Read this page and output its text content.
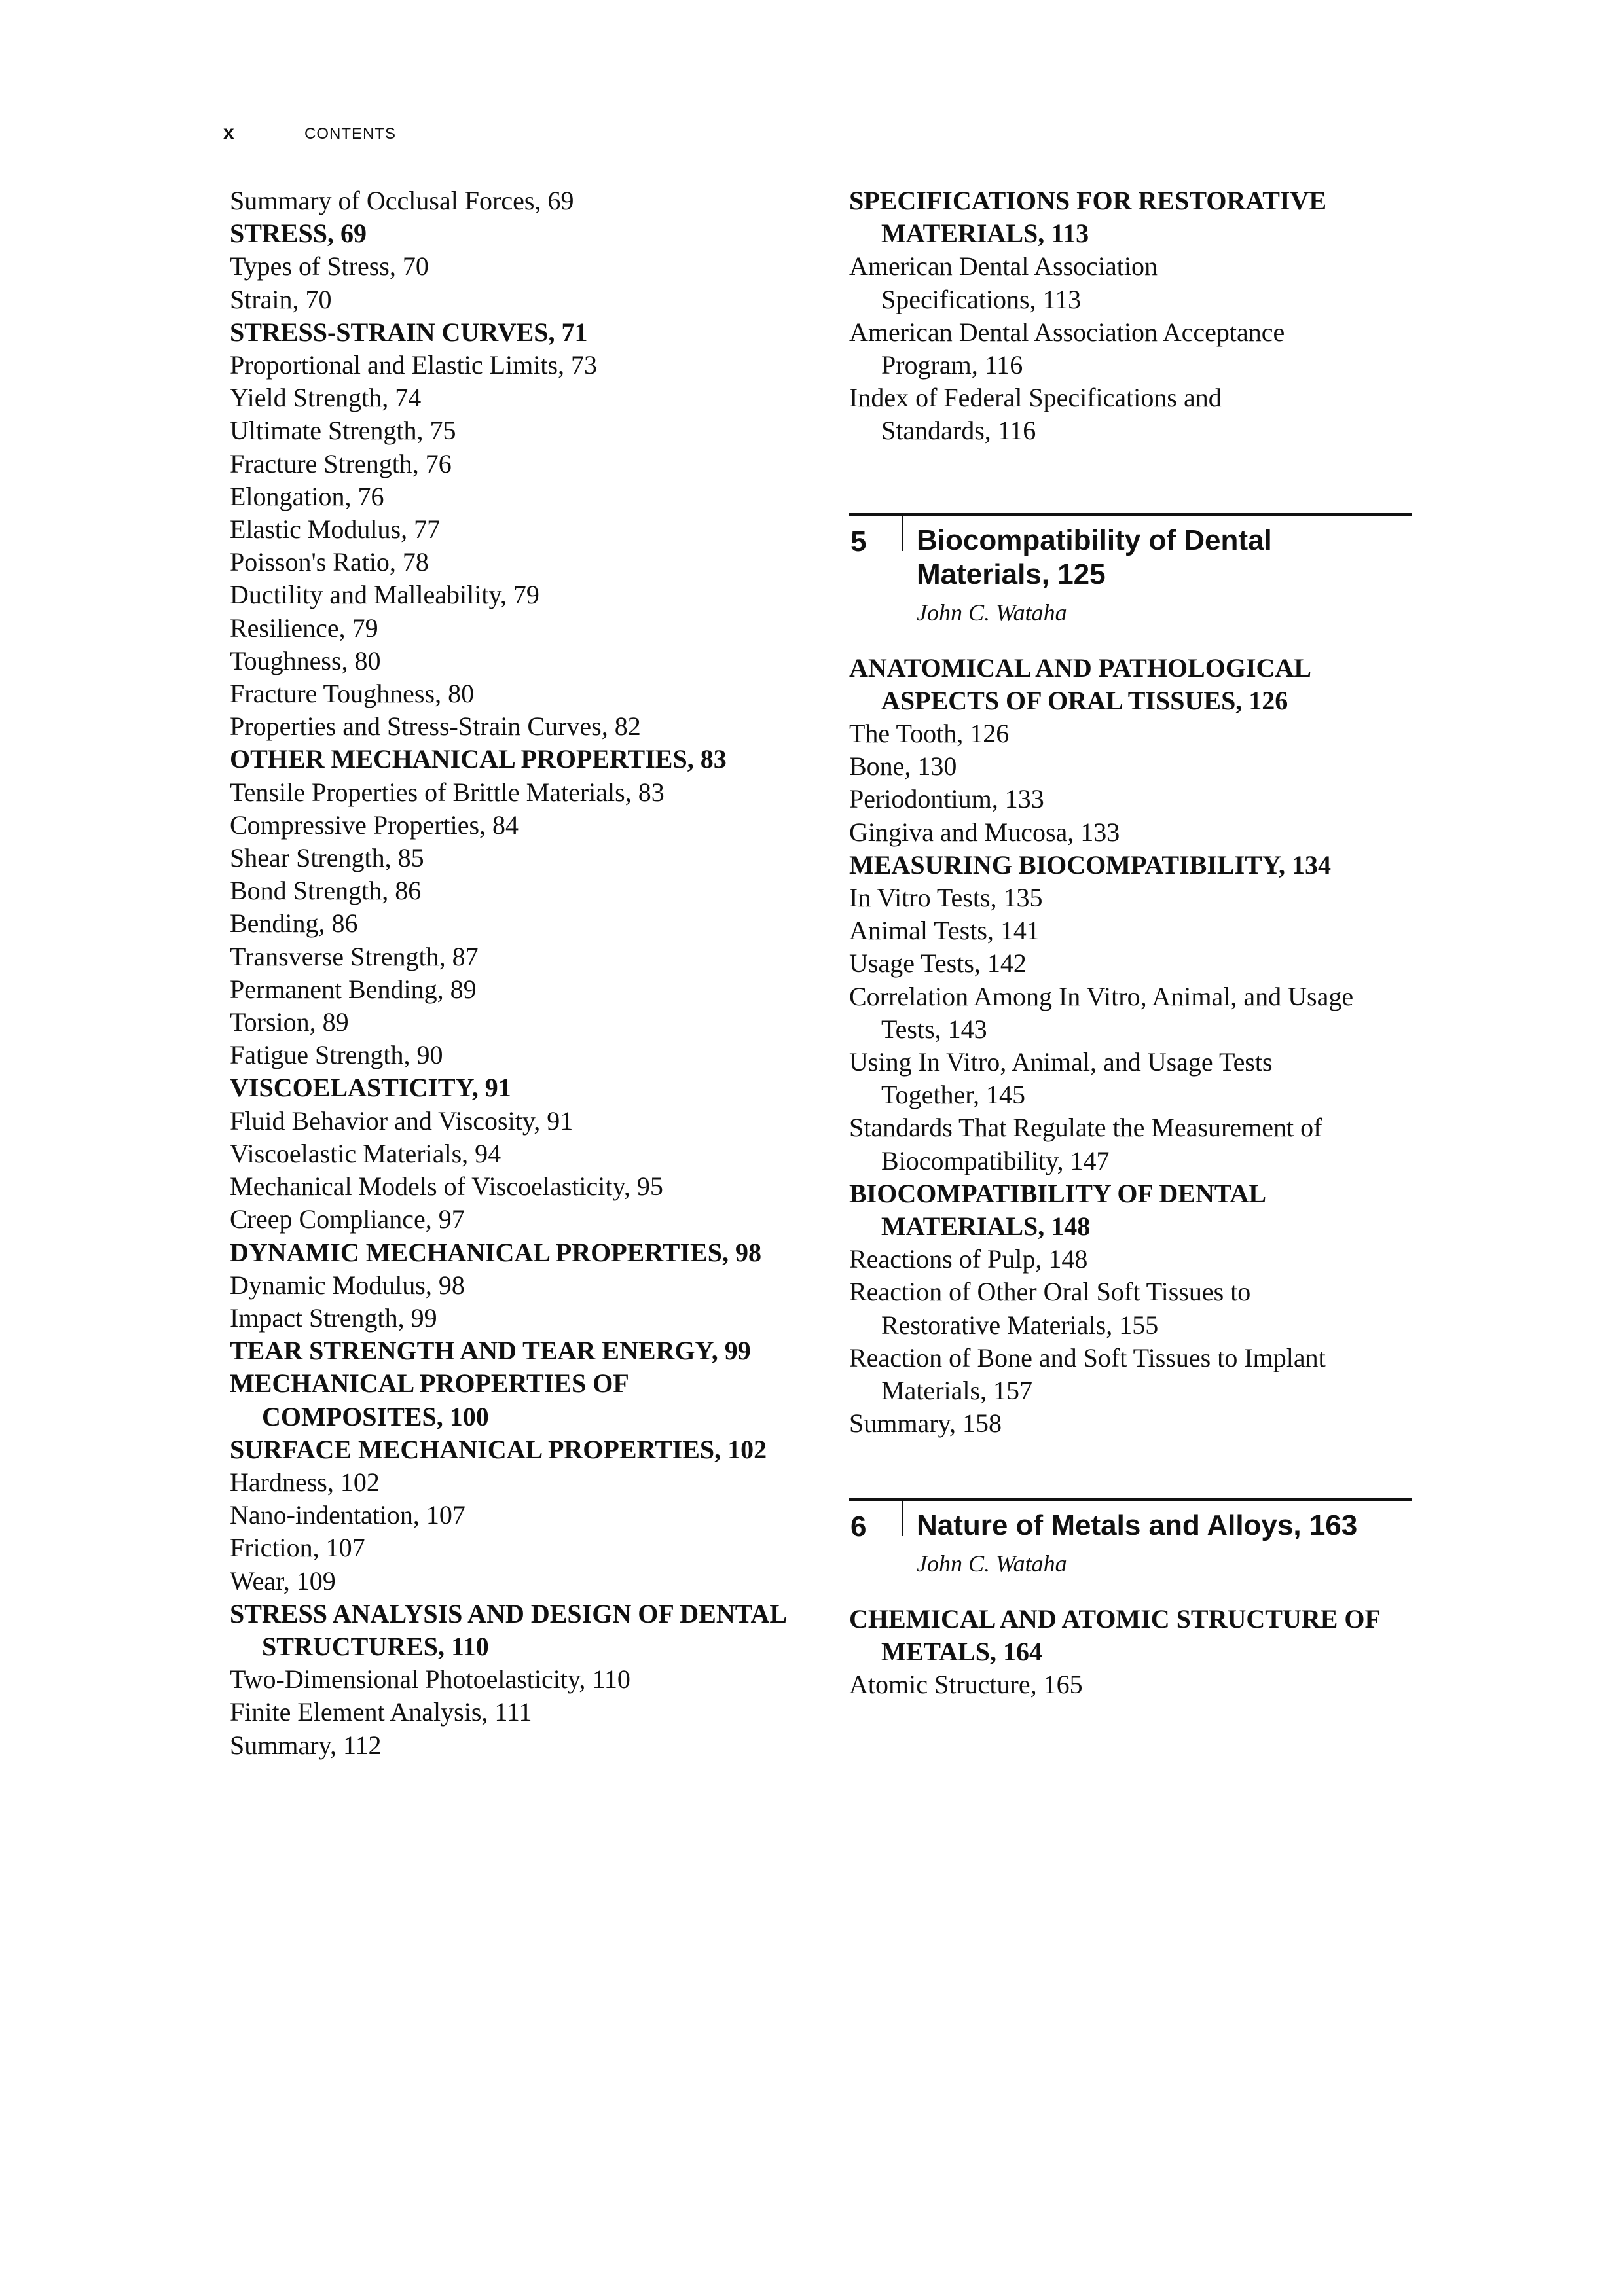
x	CONTENTS
Summary of Occlusal Forces, 69
STRESS, 69
Types of Stress, 70
Strain, 70
STRESS-STRAIN CURVES, 71
Proportional and Elastic Limits, 73
Yield Strength, 74
Ultimate Strength, 75
Fracture Strength, 76
Elongation, 76
Elastic Modulus, 77
Poisson's Ratio, 78
Ductility and Malleability, 79
Resilience, 79
Toughness, 80
Fracture Toughness, 80
Properties and Stress-Strain Curves, 82
OTHER MECHANICAL PROPERTIES, 83
Tensile Properties of Brittle Materials, 83
Compressive Properties, 84
Shear Strength, 85
Bond Strength, 86
Bending, 86
Transverse Strength, 87
Permanent Bending, 89
Torsion, 89
Fatigue Strength, 90
VISCOELASTICITY, 91
Fluid Behavior and Viscosity, 91
Viscoelastic Materials, 94
Mechanical Models of Viscoelasticity, 95
Creep Compliance, 97
DYNAMIC MECHANICAL PROPERTIES, 98
Dynamic Modulus, 98
Impact Strength, 99
TEAR STRENGTH AND TEAR ENERGY, 99
MECHANICAL PROPERTIES OF
COMPOSITES, 100
SURFACE MECHANICAL PROPERTIES, 102
Hardness, 102
Nano-indentation, 107
Friction, 107
Wear, 109
STRESS ANALYSIS AND DESIGN OF DENTAL
STRUCTURES, 110
Two-Dimensional Photoelasticity, 110
Finite Element Analysis, 111
Summary, 112
SPECIFICATIONS FOR RESTORATIVE
MATERIALS, 113
American Dental Association
Specifications, 113
American Dental Association Acceptance
Program, 116
Index of Federal Specifications and
Standards, 116
5 Biocompatibility of Dental
Materials, 125
John C. Wataha
ANATOMICAL AND PATHOLOGICAL
ASPECTS OF ORAL TISSUES, 126
The Tooth, 126
Bone, 130
Periodontium, 133
Gingiva and Mucosa, 133
MEASURING BIOCOMPATIBILITY, 134
In Vitro Tests, 135
Animal Tests, 141
Usage Tests, 142
Correlation Among In Vitro, Animal, and Usage
Tests, 143
Using In Vitro, Animal, and Usage Tests
Together, 145
Standards That Regulate the Measurement of
Biocompatibility, 147
BIOCOMPATIBILITY OF DENTAL
MATERIALS, 148
Reactions of Pulp, 148
Reaction of Other Oral Soft Tissues to
Restorative Materials, 155
Reaction of Bone and Soft Tissues to Implant
Materials, 157
Summary, 158
6 Nature of Metals and Alloys, 163
John C. Wataha
CHEMICAL AND ATOMIC STRUCTURE OF
METALS, 164
Atomic Structure, 165
